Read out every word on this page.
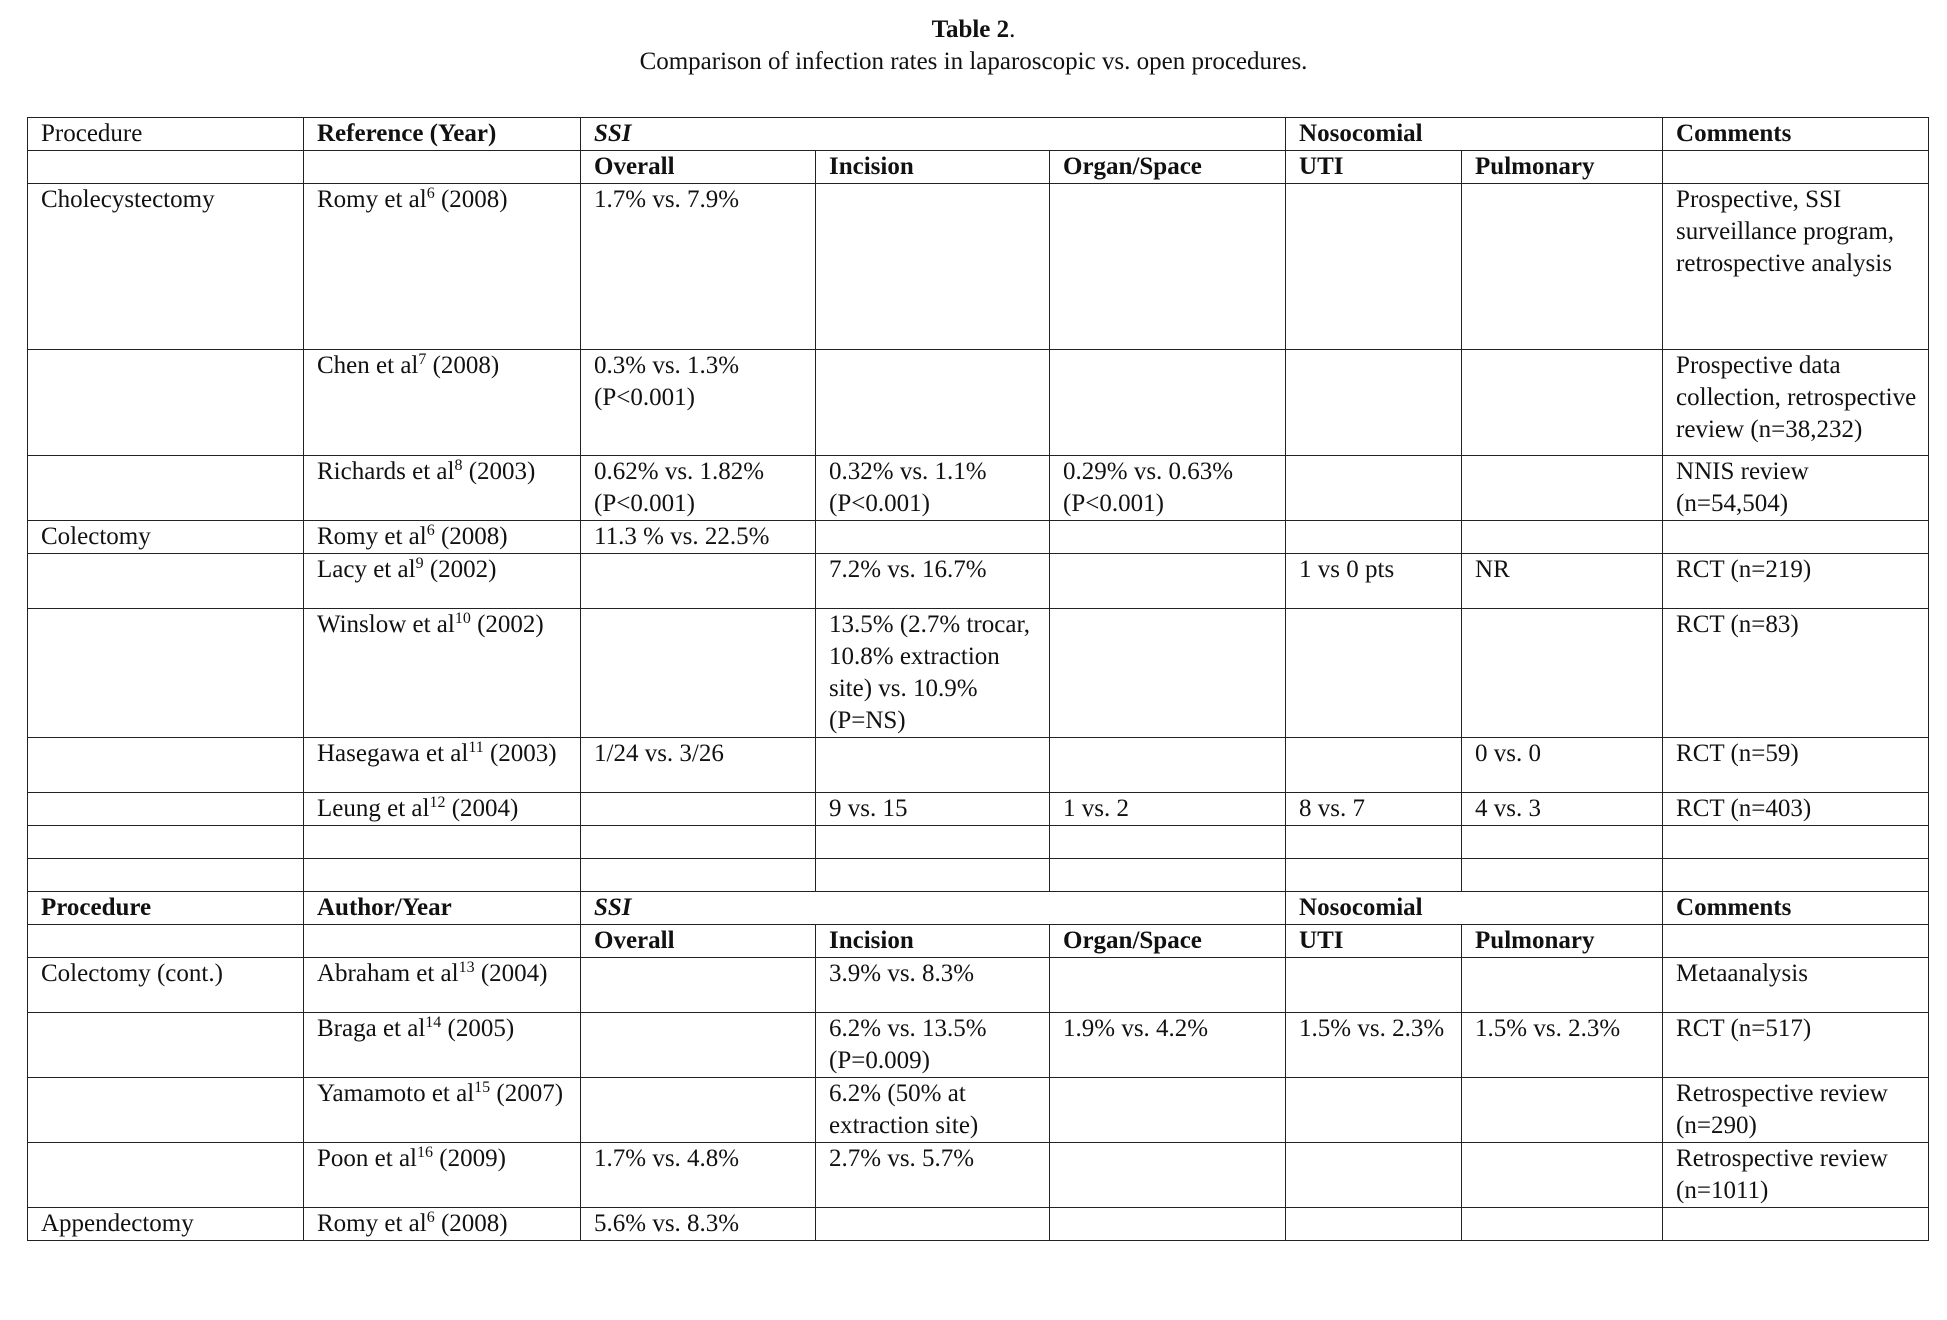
Table 2.
Comparison of infection rates in laparoscopic vs. open procedures.
Procedure	Reference (Year)	SSI			Nosocomial		Comments
		Overall	Incision	Organ/Space	UTI	Pulmonary	
Cholecystectomy	Romy et $al^6$ (2008)	1.7% vs. 7.9%					Prospective, SSI surveillance program, retrospective analysis
	Chen et $al^7$ (2008)	0.3% vs. 1.3% (P<0.001)					Prospective data collection, retrospective review (n=38,232)
	Richards et $al^8$ (2003)	0.62% vs. 1.82% (P<0.001)	0.32% vs. 1.1% (P<0.001)	0.29% vs. 0.63% (P<0.001)			NNIS review (n=54,504)
Colectomy	Romy et $al^6$ (2008)	11.3 % vs. 22.5%					
	Lacy et $al^9$ (2002)		7.2% vs. 16.7%		1 vs 0 pts	NR	RCT (n=219)
	Winslow et $al^{10}$ (2002)		13.5% (2.7% trocar, 10.8% extraction site) vs. 10.9% (P=NS)				RCT (n=83)
	Hasegawa et $al^{11}$ (2003)	1/24 vs. 3/26				0 vs. 0	RCT (n=59)
	Leung et $al^{12}$ (2004)		9 vs. 15	1 vs. 2	8 vs. 7	4 vs. 3	RCT (n=403)

Procedure	Author/Year	SSI			Nosocomial		Comments
		Overall	Incision	Organ/Space	UTI	Pulmonary	
Colectomy (cont.)	Abraham et $al^{13}$ (2004)		3.9% vs. 8.3%				Metaanalysis
	Braga et $al^{14}$ (2005)		6.2% vs. 13.5% (P=0.009)	1.9% vs. 4.2%	1.5% vs. 2.3%	1.5% vs. 2.3%	RCT (n=517)
	Yamamoto et $al^{15}$ (2007)		6.2% (50% at extraction site)				Retrospective review (n=290)
	Poon et $al^{16}$ (2009)	1.7% vs. 4.8%	2.7% vs. 5.7%				Retrospective review (n=1011)
Appendectomy	Romy et $al^6$ (2008)	5.6% vs. 8.3%					
